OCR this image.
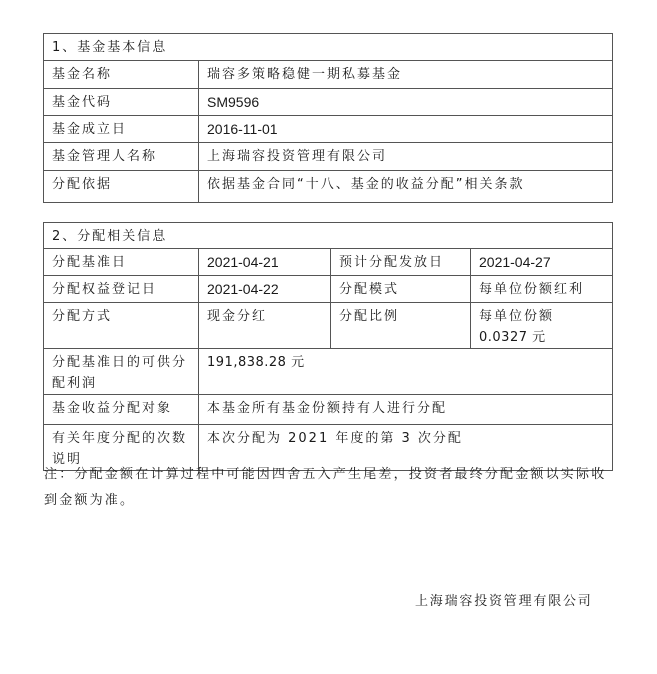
1、基金基本信息	
基金名称	瑞容多策略稳健一期私募基金
基金代码	SM9596
基金成立日	2016-11-01
基金管理人名称	上海瑞容投资管理有限公司
分配依据	依据基金合同“十八、基金的收益分配”相关条款
2、分配相关信息			
分配基准日	2021-04-21	预计分配发放日	2021-04-27
分配权益登记日	2021-04-22	分配模式	每单位份额红利
分配方式	现金分红	分配比例	每单位份额
0.0327 元

分配基准日的可供分配利润	191,838.28 元		
基金收益分配对象	本基金所有基金份额持有人进行分配		
有关年度分配的次数说明	本次分配为 2021 年度的第 3 次分配		
注：分配金额在计算过程中可能因四舍五入产生尾差，投资者最终分配金额以实际收到金额为准。
上海瑞容投资管理有限公司
